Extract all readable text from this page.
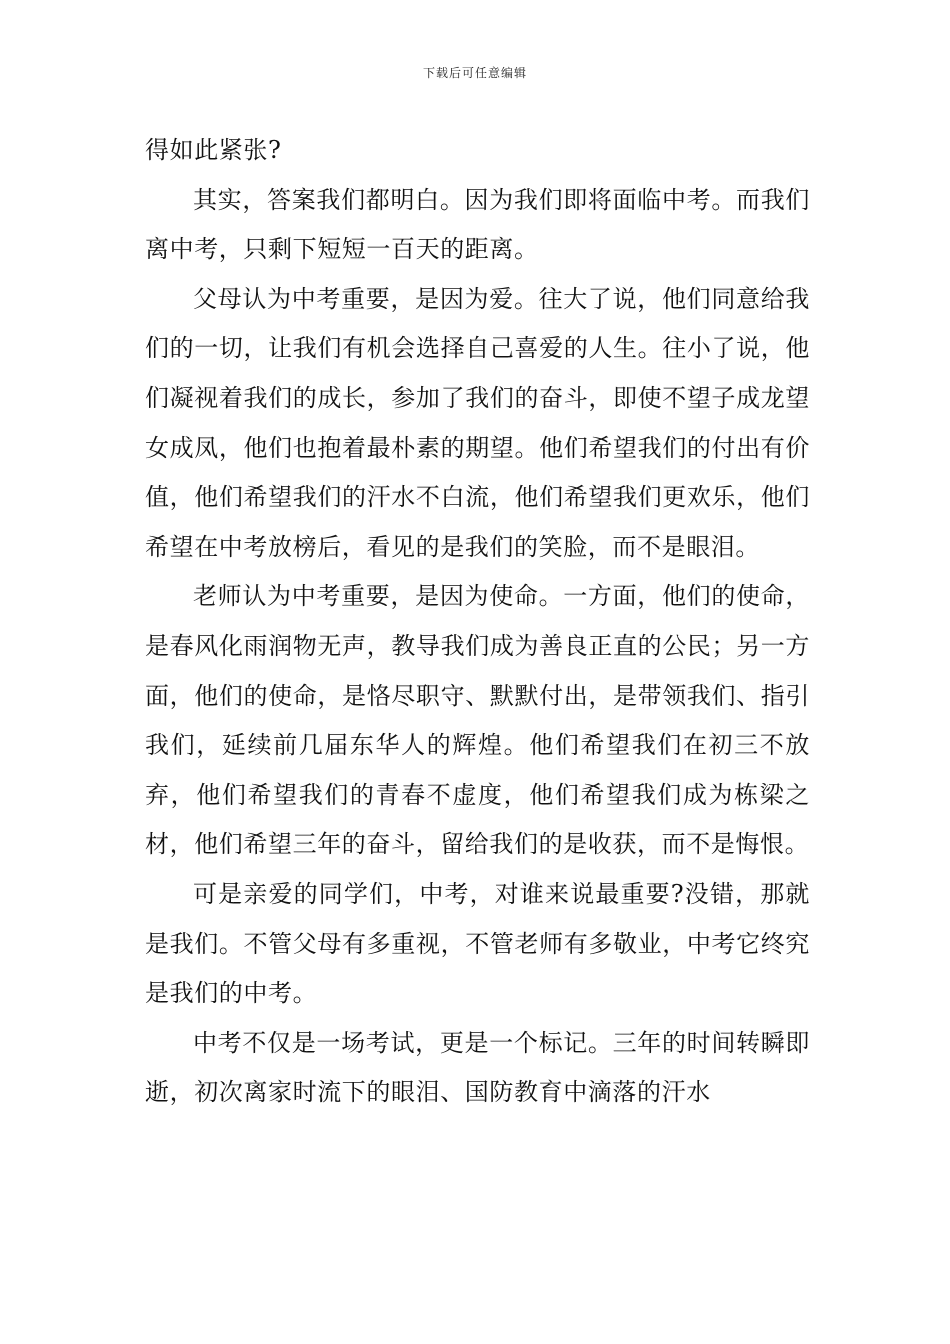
下载后可任意编辑

得如此紧张?

其实，答案我们都明白。因为我们即将面临中考。而我们离中考，只剩下短短一百天的距离。

父母认为中考重要，是因为爱。往大了说，他们同意给我们的一切，让我们有机会选择自己喜爱的人生。往小了说，他们凝视着我们的成长，参加了我们的奋斗，即使不望子成龙望女成凤，他们也抱着最朴素的期望。他们希望我们的付出有价值，他们希望我们的汗水不白流，他们希望我们更欢乐，他们希望在中考放榜后，看见的是我们的笑脸，而不是眼泪。

老师认为中考重要，是因为使命。一方面，他们的使命，是春风化雨润物无声，教导我们成为善良正直的公民；另一方面，他们的使命，是恪尽职守、默默付出，是带领我们、指引我们，延续前几届东华人的辉煌。他们希望我们在初三不放弃，他们希望我们的青春不虚度，他们希望我们成为栋梁之材，他们希望三年的奋斗，留给我们的是收获，而不是悔恨。

可是亲爱的同学们，中考，对谁来说最重要?没错，那就是我们。不管父母有多重视，不管老师有多敬业，中考它终究是我们的中考。

中考不仅是一场考试，更是一个标记。三年的时间转瞬即逝，初次离家时流下的眼泪、国防教育中滴落的汗水
